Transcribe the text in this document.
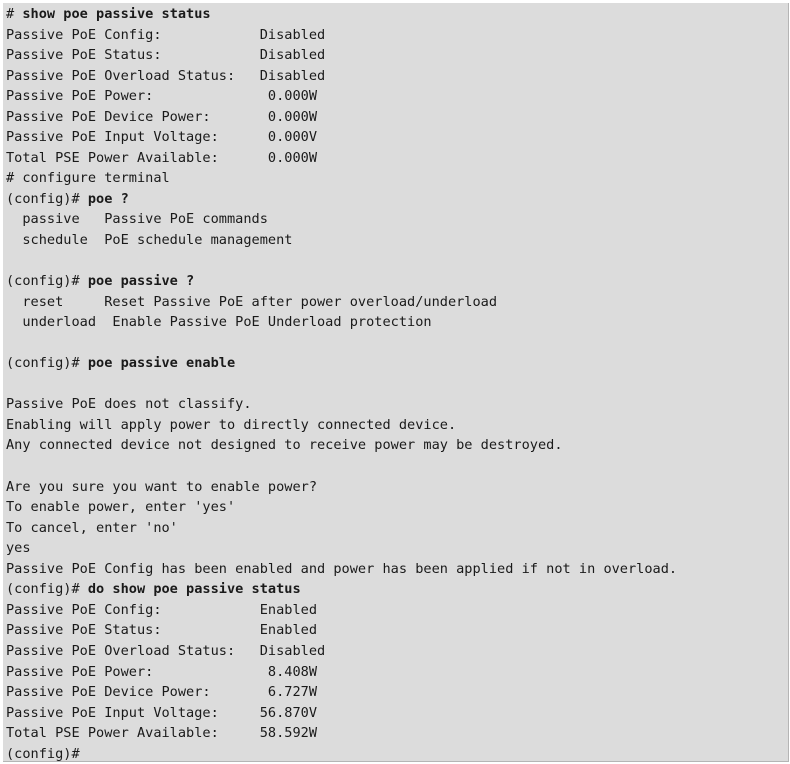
# show poe passive status
Passive PoE Config:            Disabled
Passive PoE Status:            Disabled
Passive PoE Overload Status:   Disabled
Passive PoE Power:              0.000W
Passive PoE Device Power:       0.000W
Passive PoE Input Voltage:      0.000V
Total PSE Power Available:      0.000W
# configure terminal
(config)# poe ?
passive   Passive PoE commands
schedule  PoE schedule management
(config)# poe passive ?
reset     Reset Passive PoE after power overload/underload
underload  Enable Passive PoE Underload protection
(config)# poe passive enable
Passive PoE does not classify.
Enabling will apply power to directly connected device.
Any connected device not designed to receive power may be destroyed.
Are you sure you want to enable power?
To enable power, enter 'yes'
To cancel, enter 'no'
yes
Passive PoE Config has been enabled and power has been applied if not in overload.
(config)# do show poe passive status
Passive PoE Config:            Enabled
Passive PoE Status:            Enabled
Passive PoE Overload Status:   Disabled
Passive PoE Power:              8.408W
Passive PoE Device Power:       6.727W
Passive PoE Input Voltage:     56.870V
Total PSE Power Available:     58.592W
(config)#
